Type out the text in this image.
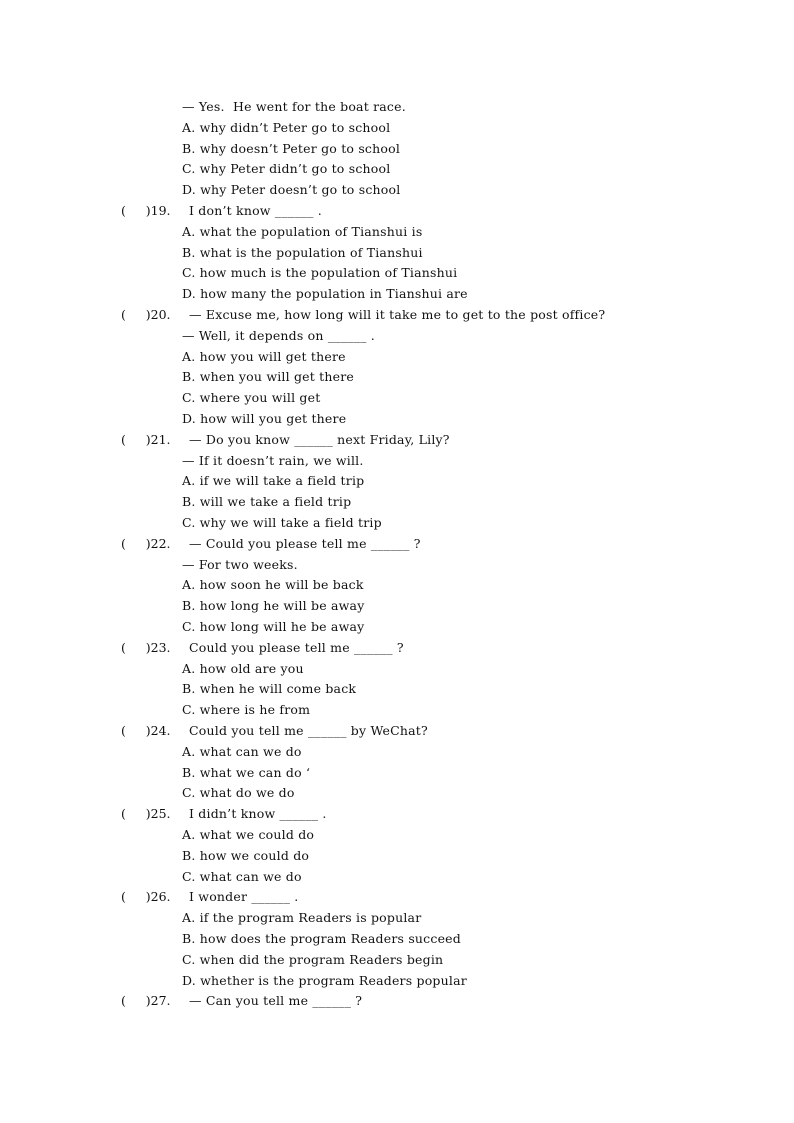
— Yes.  He went for the boat race.
A. why didn’t Peter go to school
B. why doesn’t Peter go to school
C. why Peter didn’t go to school
D. why Peter doesn’t go to school
(     )19. I don’t know ______ .
A. what the population of Tianshui is
B. what is the population of Tianshui
C. how much is the population of Tianshui
D. how many the population in Tianshui are
(     )20. — Excuse me, how long will it take me to get to the post office?
— Well, it depends on ______ .
A. how you will get there
B. when you will get there
C. where you will get
D. how will you get there
(     )21. — Do you know ______ next Friday, Lily?
— If it doesn’t rain, we will.
A. if we will take a field trip
B. will we take a field trip
C. why we will take a field trip
(     )22. — Could you please tell me ______ ?
— For two weeks.
A. how soon he will be back
B. how long he will be away
C. how long will he be away
(     )23. Could you please tell me ______ ?
A. how old are you
B. when he will come back
C. where is he from
(     )24. Could you tell me ______ by WeChat?
A. what can we do
B. what we can do ‘
C. what do we do
(     )25. I didn’t know ______ .
A. what we could do
B. how we could do
C. what can we do
(     )26. I wonder ______ .
A. if the program Readers is popular
B. how does the program Readers succeed
C. when did the program Readers begin
D. whether is the program Readers popular
(     )27. — Can you tell me ______ ?
